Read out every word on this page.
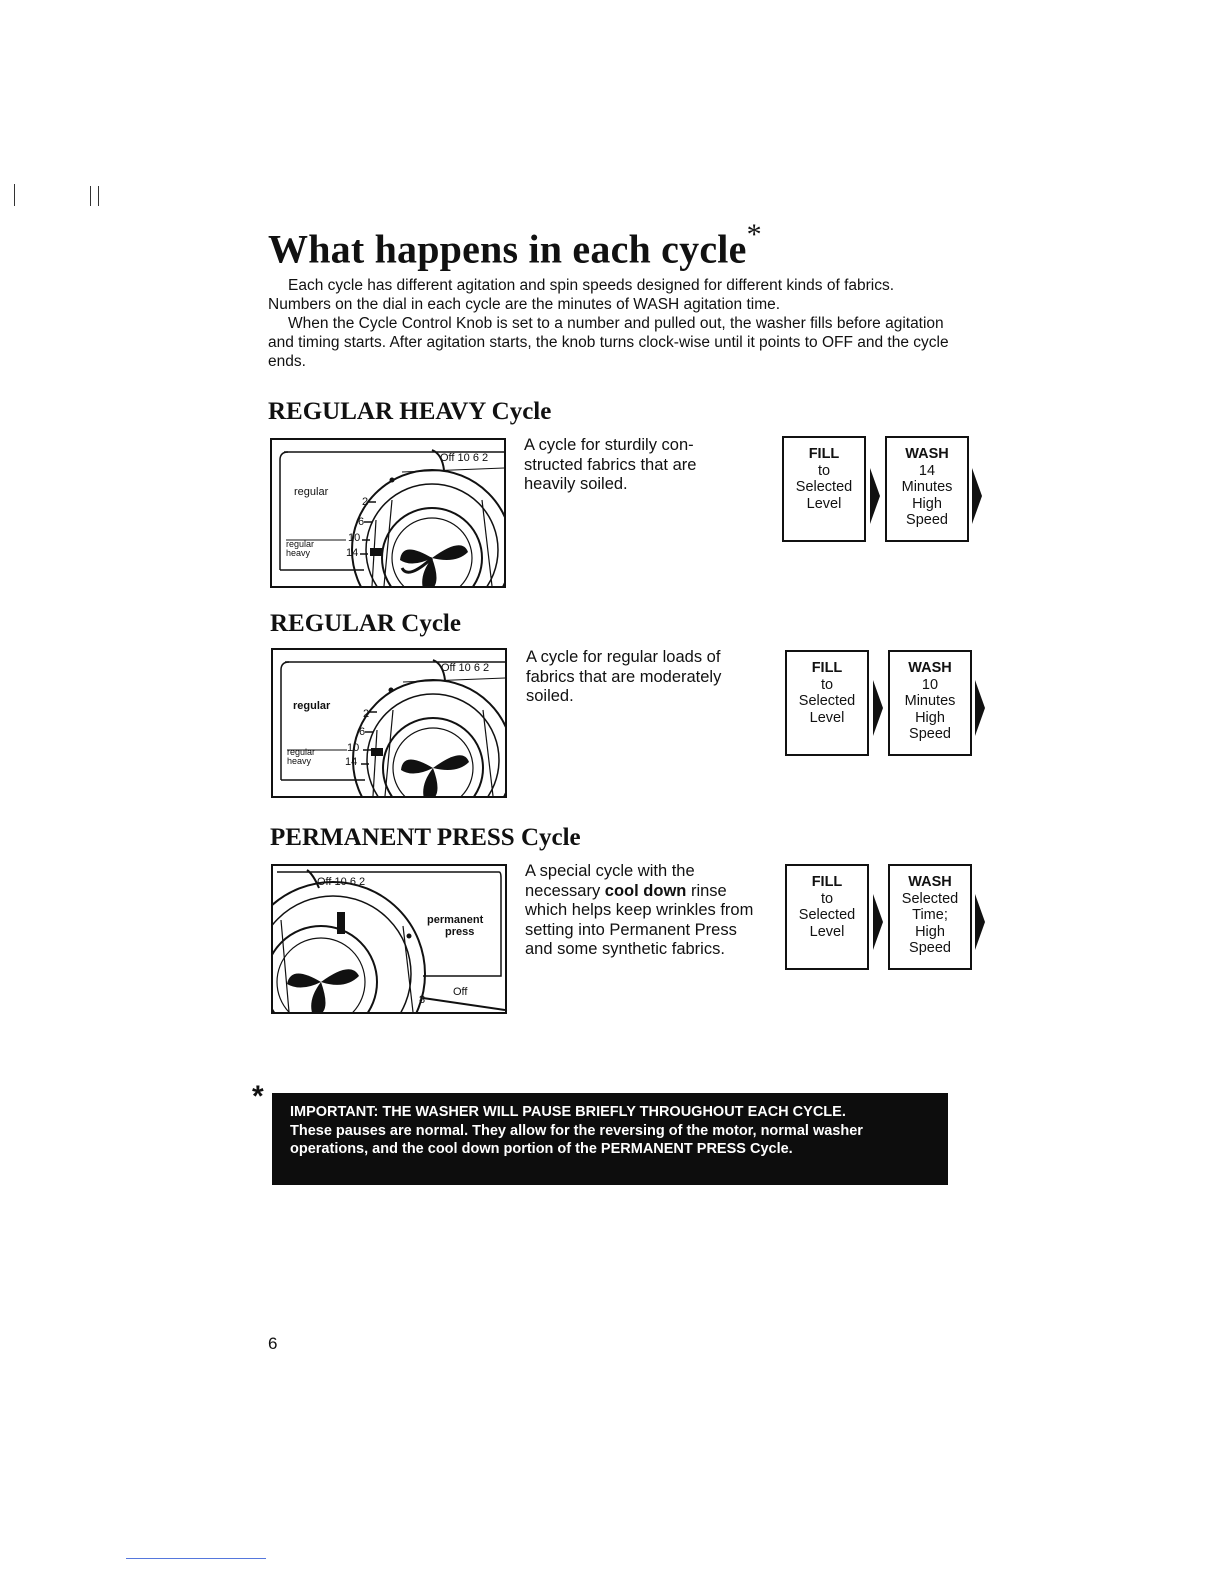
What happens in each cycle*

Each cycle has different agitation and spin speeds designed for different kinds of fabrics. Numbers on the dial in each cycle are the minutes of WASH agitation time.

When the Cycle Control Knob is set to a number and pulled out, the washer fills before agitation and timing starts. After agitation starts, the knob turns clock-wise until it points to OFF and the cycle ends.

REGULAR HEAVY Cycle
Off 10 6 2
regular
regular heavy
2
6
10
14
A cycle for sturdily con-structed fabrics that are heavily soiled.
FILL
to
Selected
Level
WASH
14
Minutes
High
Speed
REGULAR Cycle
Off 10 6 2
regular
regular heavy
2
6
10
14
A cycle for regular loads of fabrics that are moderately soiled.
FILL
to
Selected
Level
WASH
10
Minutes
High
Speed
PERMANENT PRESS Cycle
Off 10 6 2
permanent
press
Off
8
A special cycle with the necessary cool down rinse which helps keep wrinkles from setting into Permanent Press and some synthetic fabrics.
FILL
to
Selected
Level
WASH
Selected
Time;
High
Speed
* IMPORTANT: THE WASHER WILL PAUSE BRIEFLY THROUGHOUT EACH CYCLE.
These pauses are normal. They allow for the reversing of the motor, normal washer operations, and the cool down portion of the PERMANENT PRESS Cycle.
6
